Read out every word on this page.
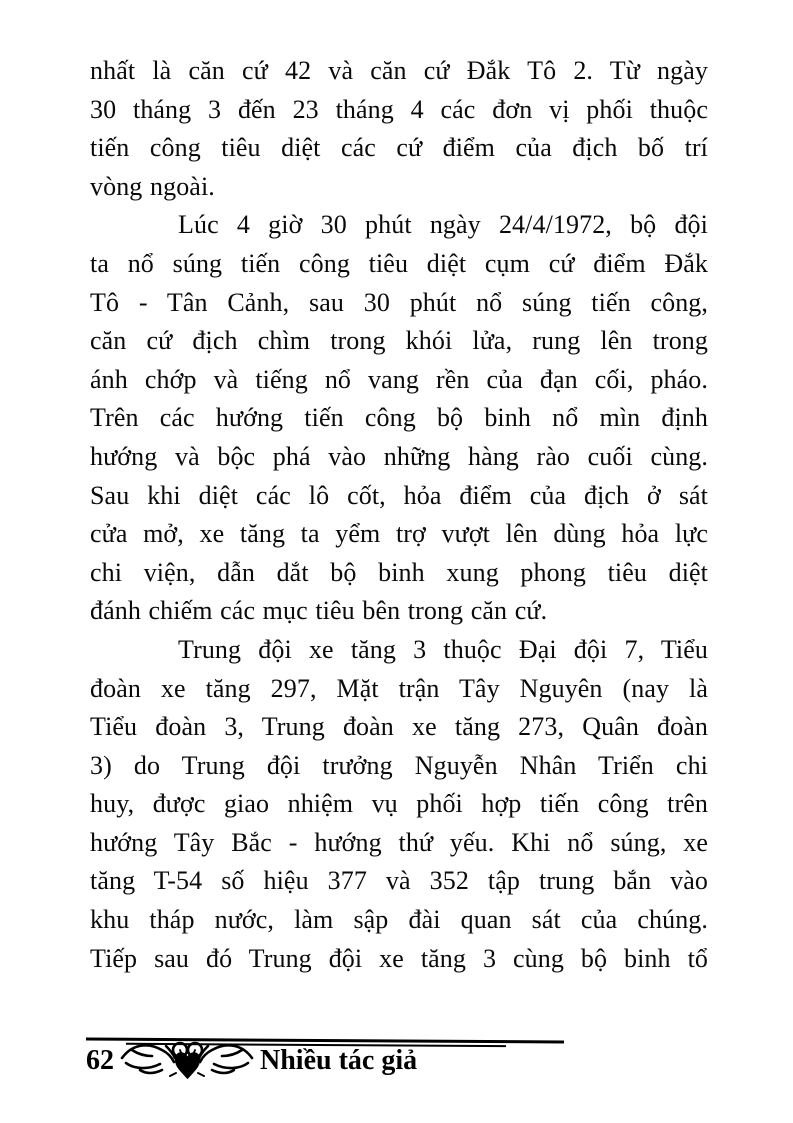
nhất là căn cứ 42 và căn cứ Đắk Tô 2. Từ ngày
30 tháng 3 đến 23 tháng 4 các đơn vị phối thuộc
tiến công tiêu diệt các cứ điểm của địch bố trí
vòng ngoài.
Lúc 4 giờ 30 phút ngày 24/4/1972, bộ đội
ta nổ súng tiến công tiêu diệt cụm cứ điểm Đắk
Tô - Tân Cảnh, sau 30 phút nổ súng tiến công,
căn cứ địch chìm trong khói lửa, rung lên trong
ánh chớp và tiếng nổ vang rền của đạn cối, pháo.
Trên các hướng tiến công bộ binh nổ mìn định
hướng và bộc phá vào những hàng rào cuối cùng.
Sau khi diệt các lô cốt, hỏa điểm của địch ở sát
cửa mở, xe tăng ta yểm trợ vượt lên dùng hỏa lực
chi viện, dẫn dắt bộ binh xung phong tiêu diệt
đánh chiếm các mục tiêu bên trong căn cứ.
Trung đội xe tăng 3 thuộc Đại đội 7, Tiểu
đoàn xe tăng 297, Mặt trận Tây Nguyên (nay là
Tiểu đoàn 3, Trung đoàn xe tăng 273, Quân đoàn
3) do Trung đội trưởng Nguyễn Nhân Triển chi
huy, được giao nhiệm vụ phối hợp tiến công trên
hướng Tây Bắc - hướng thứ yếu. Khi nổ súng, xe
tăng T-54 số hiệu 377 và 352 tập trung bắn vào
khu tháp nước, làm sập đài quan sát của chúng.
Tiếp sau đó Trung đội xe tăng 3 cùng bộ binh tổ
62	Nhiều tác giả
